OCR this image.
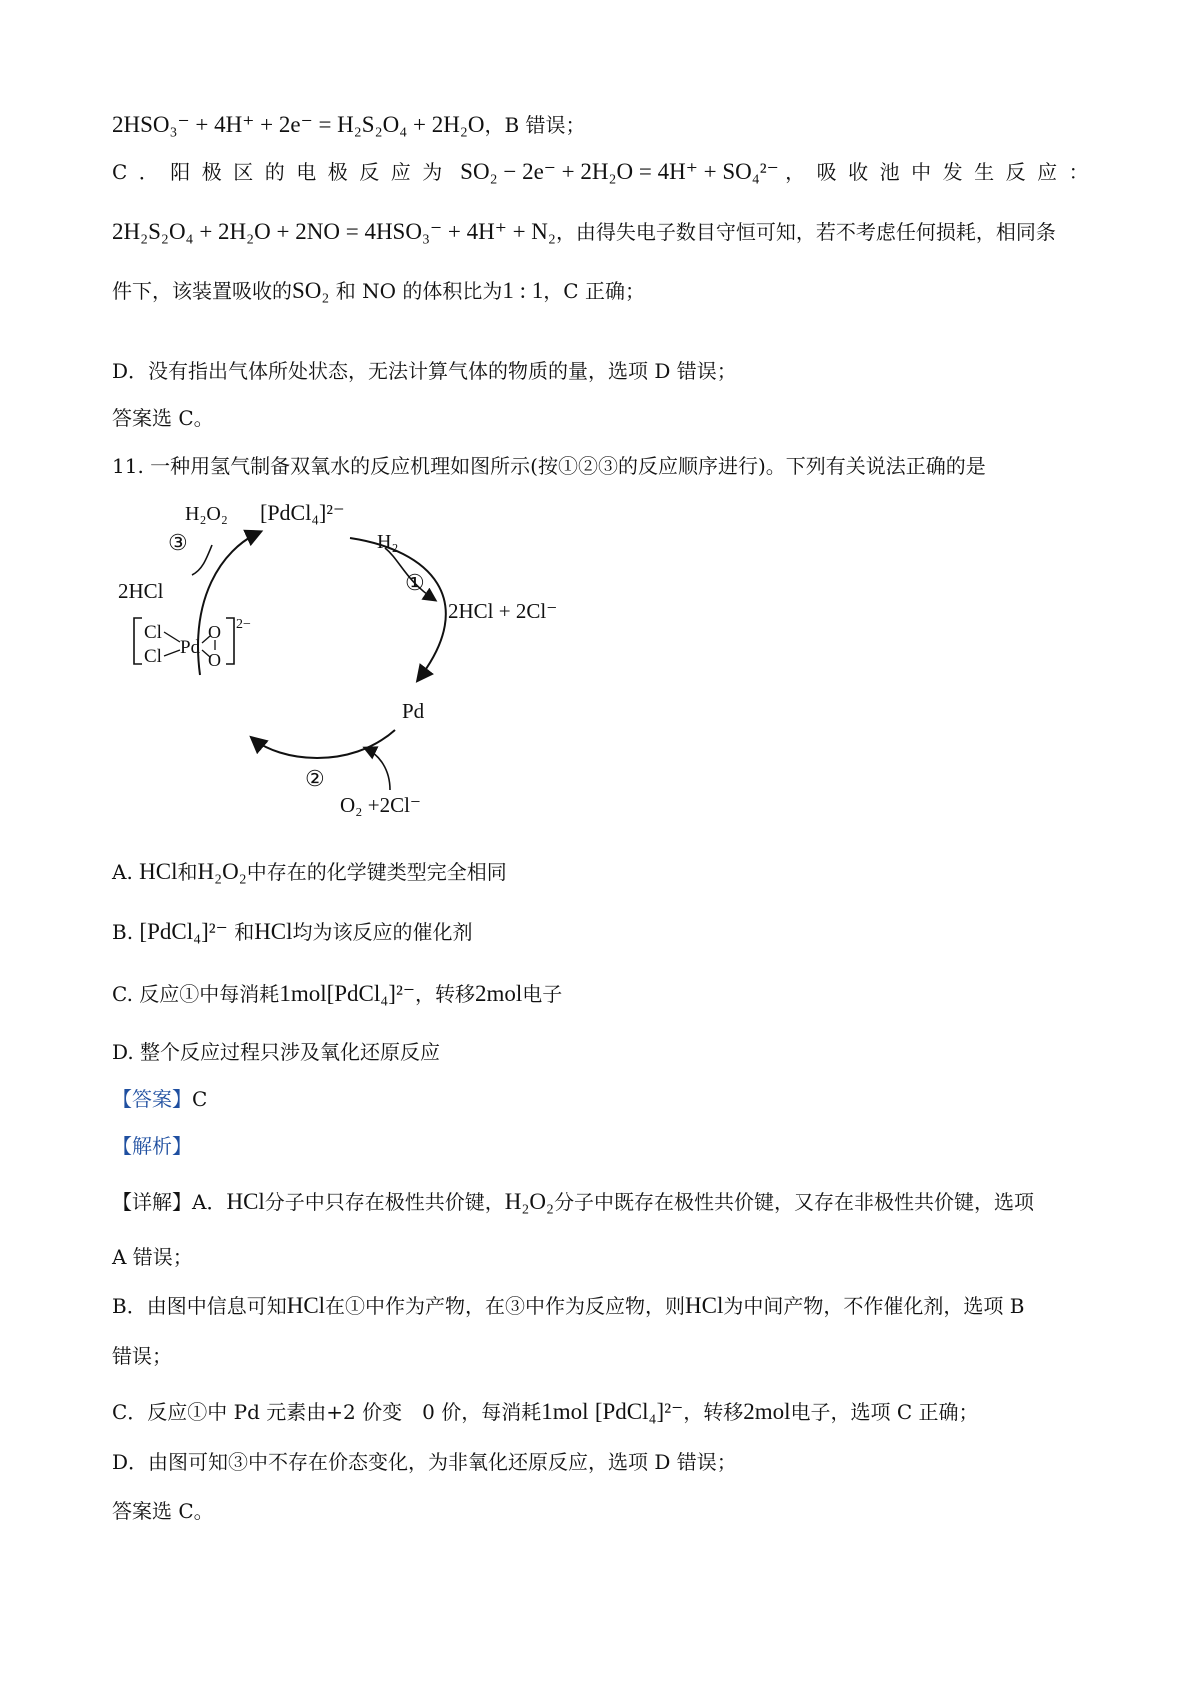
2HSO₃⁻ + 4H⁺ + 2e⁻ = H₂S₂O₄ + 2H₂O，B 错误；
C．阳极区的电极反应为 SO₂ − 2e⁻ + 2H₂O = 4H⁺ + SO₄²⁻ ，吸收池中发生反应：
2H₂S₂O₄ + 2H₂O + 2NO = 4HSO₃⁻ + 4H⁺ + N₂，由得失电子数目守恒可知，若不考虑任何损耗，相同条
件下，该装置吸收的SO₂ 和 NO 的体积比为1 : 1，C 正确；
D．没有指出气体所处状态，无法计算气体的物质的量，选项 D 错误；
答案选 C。
11. 一种用氢气制备双氧水的反应机理如图所示(按①②③的反应顺序进行)。下列有关说法正确的是
H₂O₂ [PdCl₄]²⁻
H₂
①
2HCl + 2Cl⁻
Pd
②
O₂ +2Cl⁻
③
2HCl
Cl
Cl Pd
O
O
2−
A. HCl和H₂O₂中存在的化学键类型完全相同
B. [PdCl₄]²⁻ 和HCl均为该反应的催化剂
C. 反应①中每消耗1mol[PdCl₄]²⁻，转移2mol电子
D. 整个反应过程只涉及氧化还原反应
【答案】C
【解析】
【详解】A．HCl分子中只存在极性共价键，H₂O₂分子中既存在极性共价键，又存在非极性共价键，选项
A 错误；
B．由图中信息可知HCl在①中作为产物，在③中作为反应物，则HCl为中间产物，不作催化剂，选项 B
错误；
C．反应①中 Pd 元素由+2 价变　0 价，每消耗1mol [PdCl₄]²⁻，转移2mol电子，选项 C 正确；
D．由图可知③中不存在价态变化，为非氧化还原反应，选项 D 错误；
答案选 C。
